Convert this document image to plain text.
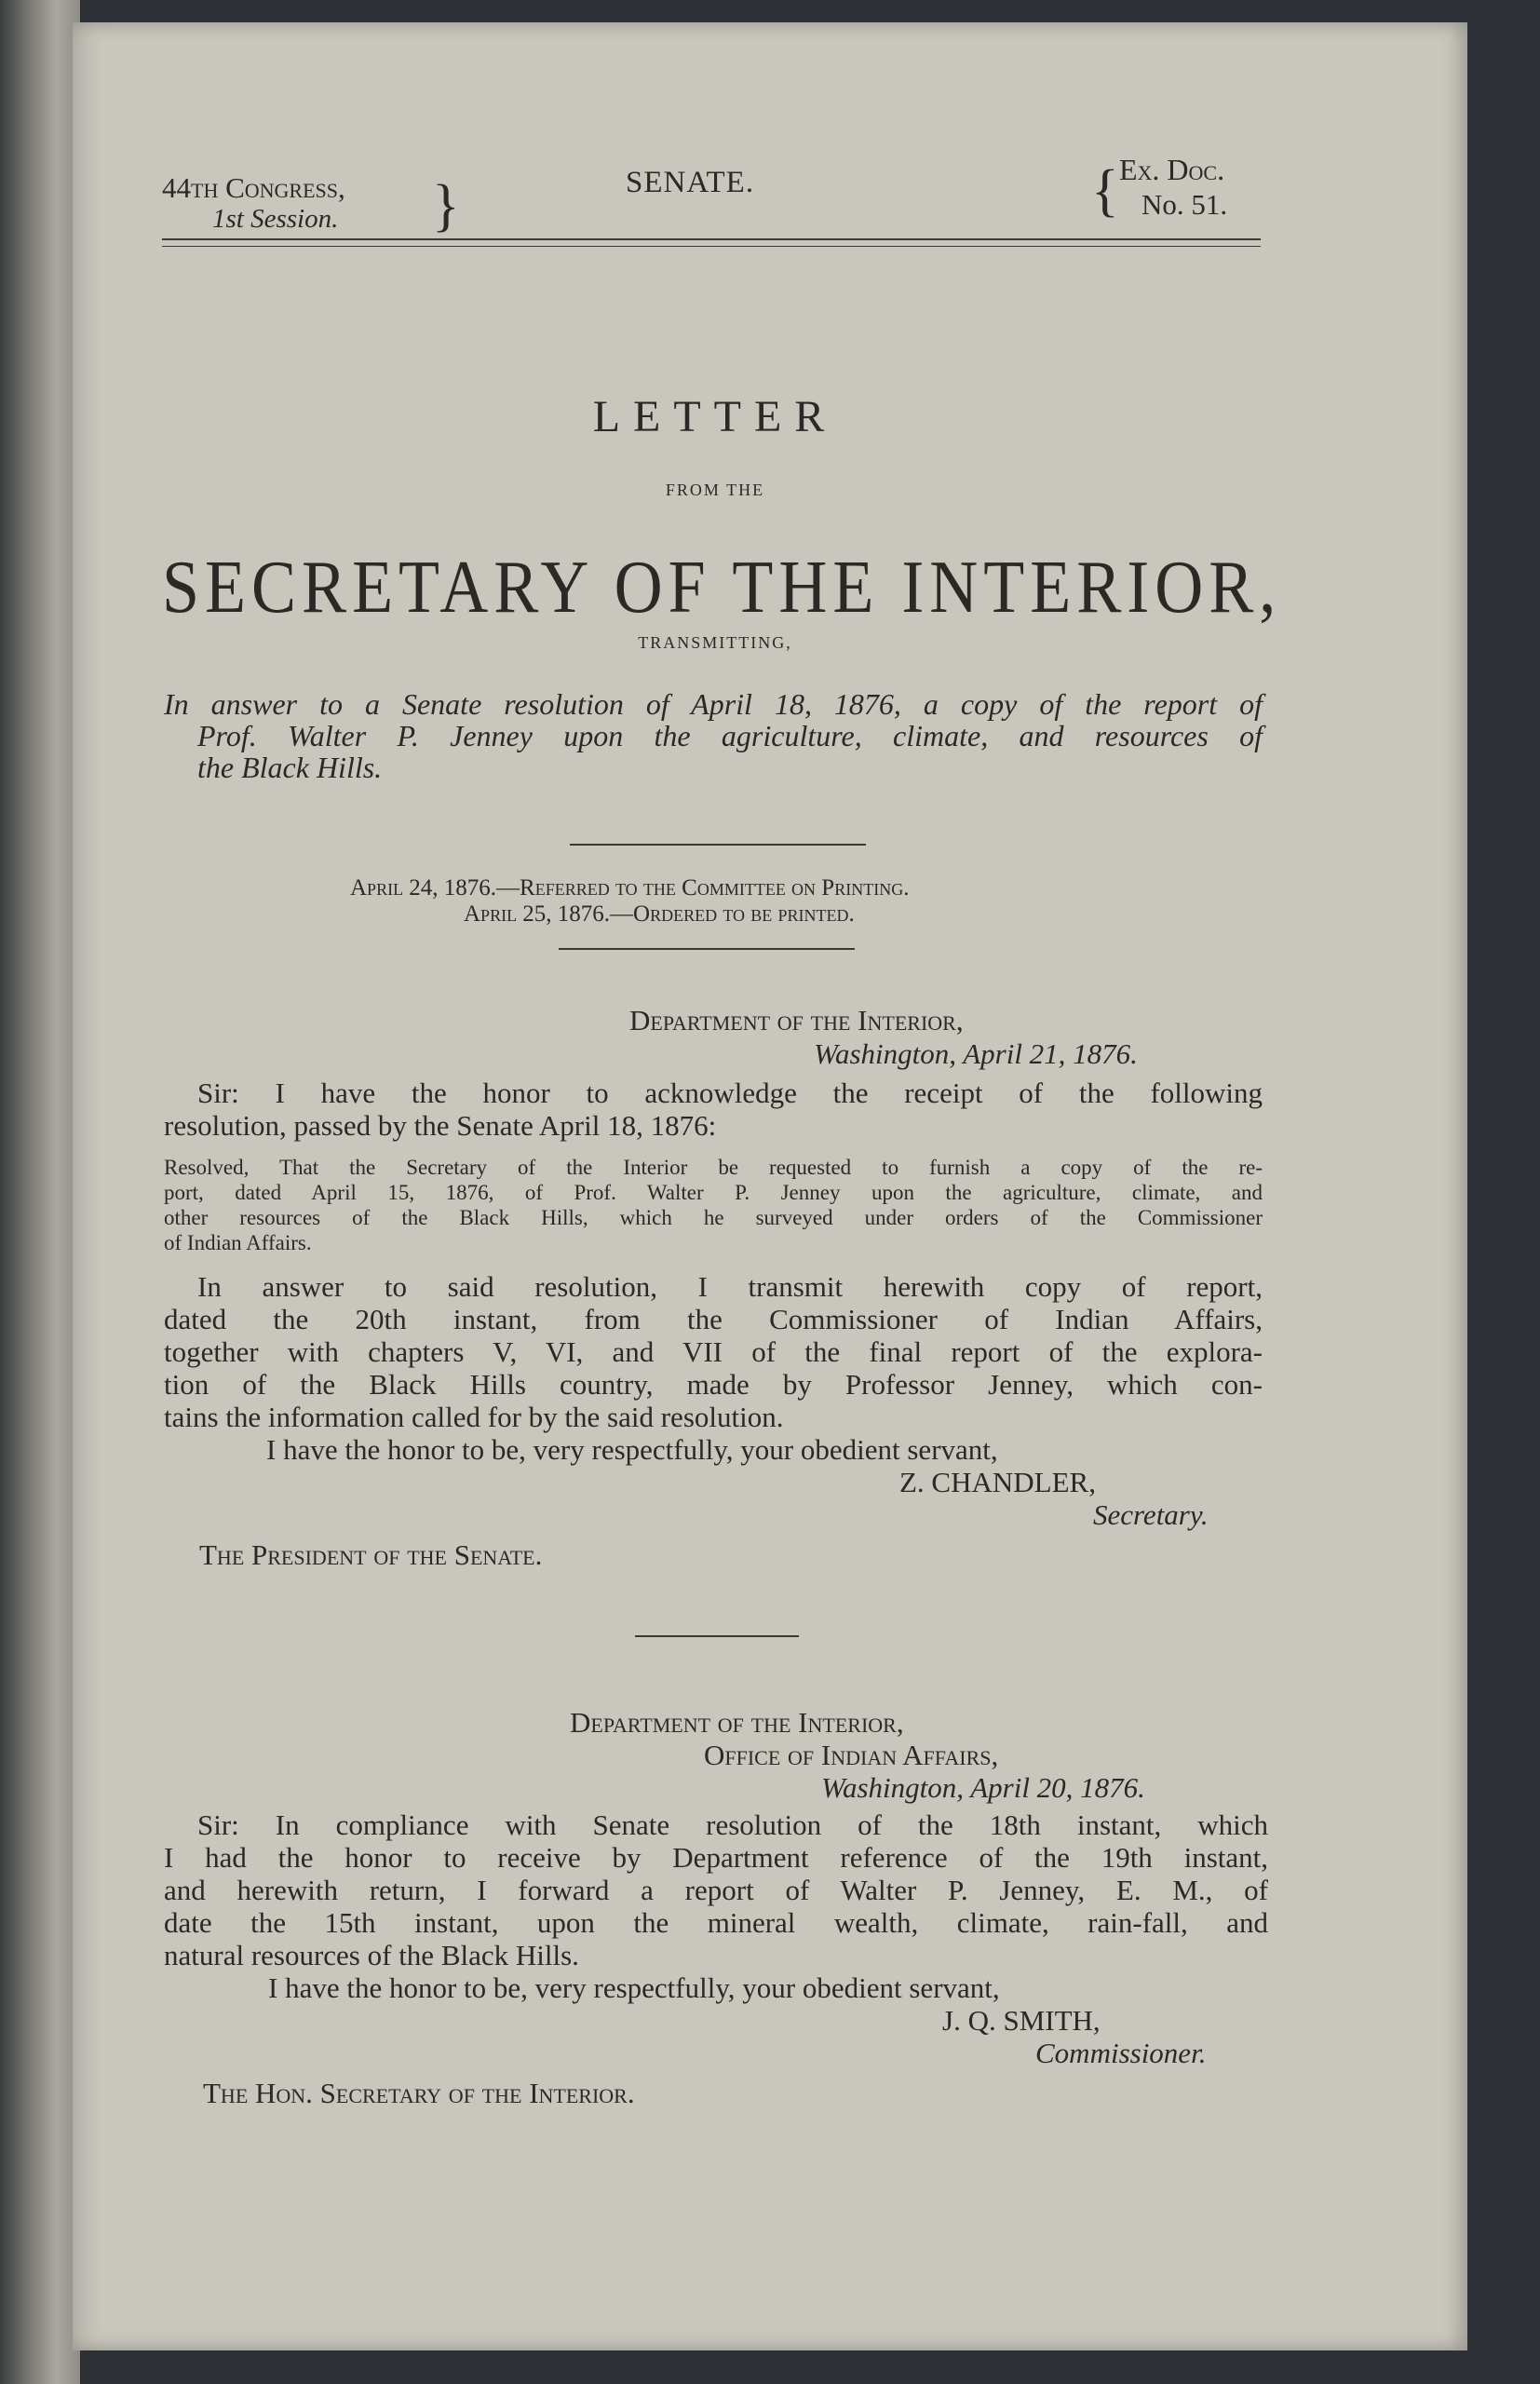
44th Congress,
1st Session. }	SENATE.	{ Ex. Doc.
No. 51.
LETTER
FROM THE
SECRETARY OF THE INTERIOR,
TRANSMITTING,
In answer to a Senate resolution of April 18, 1876, a copy of the report of
Prof. Walter P. Jenney upon the agriculture, climate, and resources of
the Black Hills.
April 24, 1876.—Referred to the Committee on Printing.
April 25, 1876.—Ordered to be printed.
Department of the Interior,
Washington, April 21, 1876.
Sir: I have the honor to acknowledge the receipt of the following
resolution, passed by the Senate April 18, 1876:
Resolved, That the Secretary of the Interior be requested to furnish a copy of the re-
port, dated April 15, 1876, of Prof. Walter P. Jenney upon the agriculture, climate, and
other resources of the Black Hills, which he surveyed under orders of the Commissioner
of Indian Affairs.
In answer to said resolution, I transmit herewith copy of report,
dated the 20th instant, from the Commissioner of Indian Affairs,
together with chapters V, VI, and VII of the final report of the explora-
tion of the Black Hills country, made by Professor Jenney, which con-
tains the information called for by the said resolution.
I have the honor to be, very respectfully, your obedient servant,
Z. CHANDLER,
Secretary.
The President of the Senate.
Department of the Interior,
Office of Indian Affairs,
Washington, April 20, 1876.
Sir: In compliance with Senate resolution of the 18th instant, which
I had the honor to receive by Department reference of the 19th instant,
and herewith return, I forward a report of Walter P. Jenney, E. M., of
date the 15th instant, upon the mineral wealth, climate, rain-fall, and
natural resources of the Black Hills.
I have the honor to be, very respectfully, your obedient servant,
J. Q. SMITH,
Commissioner.
The Hon. Secretary of the Interior.
